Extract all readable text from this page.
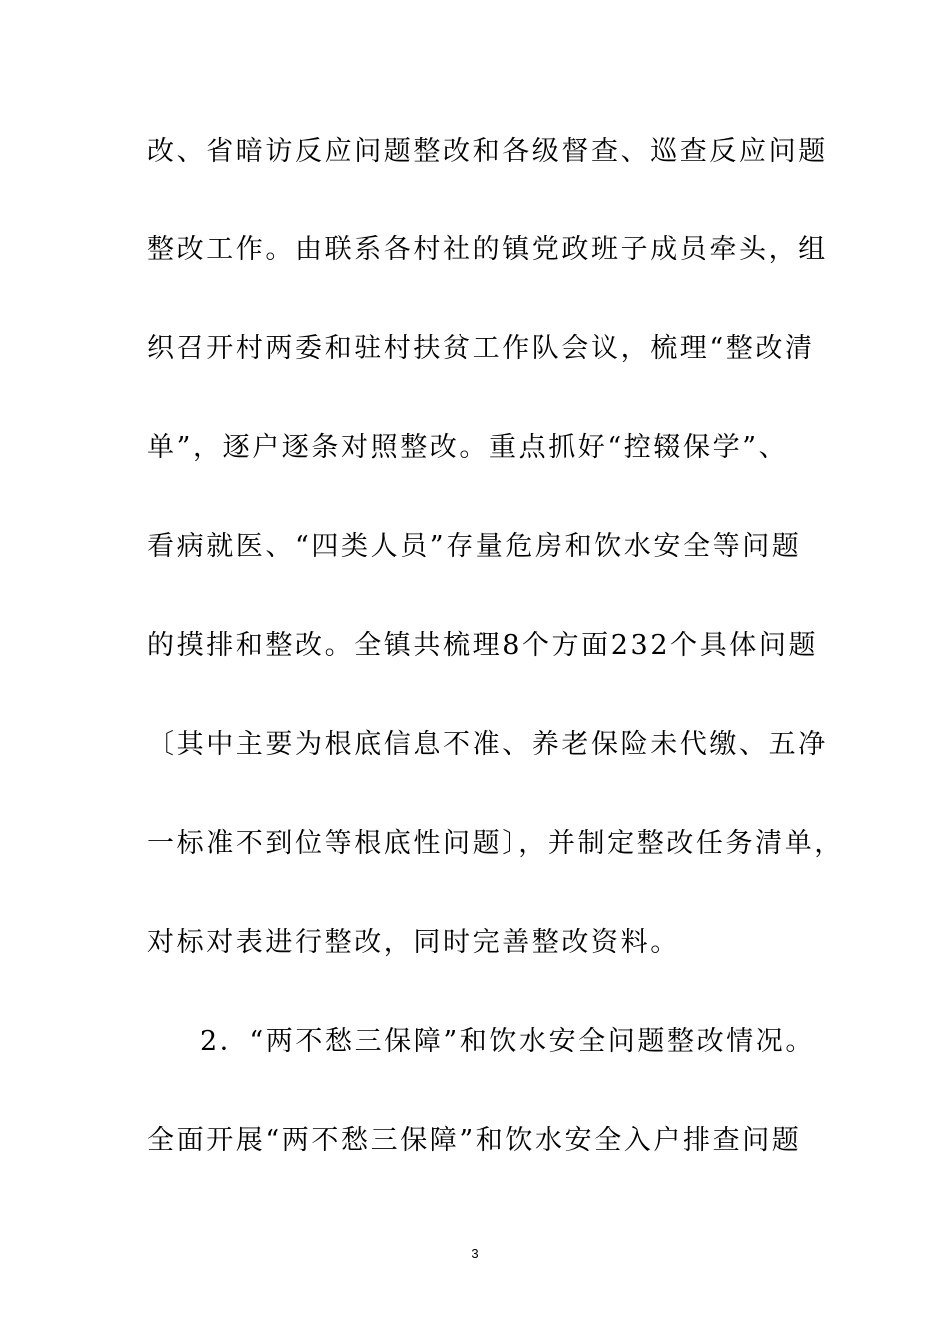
改、省暗访反应问题整改和各级督查、巡查反应问题
整改工作。由联系各村社的镇党政班子成员牵头，组
织召开村两委和驻村扶贫工作队会议，梳理“整改清
单”，逐户逐条对照整改。重点抓好“控辍保学”、
看病就医、“四类人员”存量危房和饮水安全等问题
的摸排和整改。全镇共梳理8个方面232个具体问题
〔其中主要为根底信息不准、养老保险未代缴、五净
一标准不到位等根底性问题〕，并制定整改任务清单，
对标对表进行整改，同时完善整改资料。
2．“两不愁三保障”和饮水安全问题整改情况。
全面开展“两不愁三保障”和饮水安全入户排查问题
3
